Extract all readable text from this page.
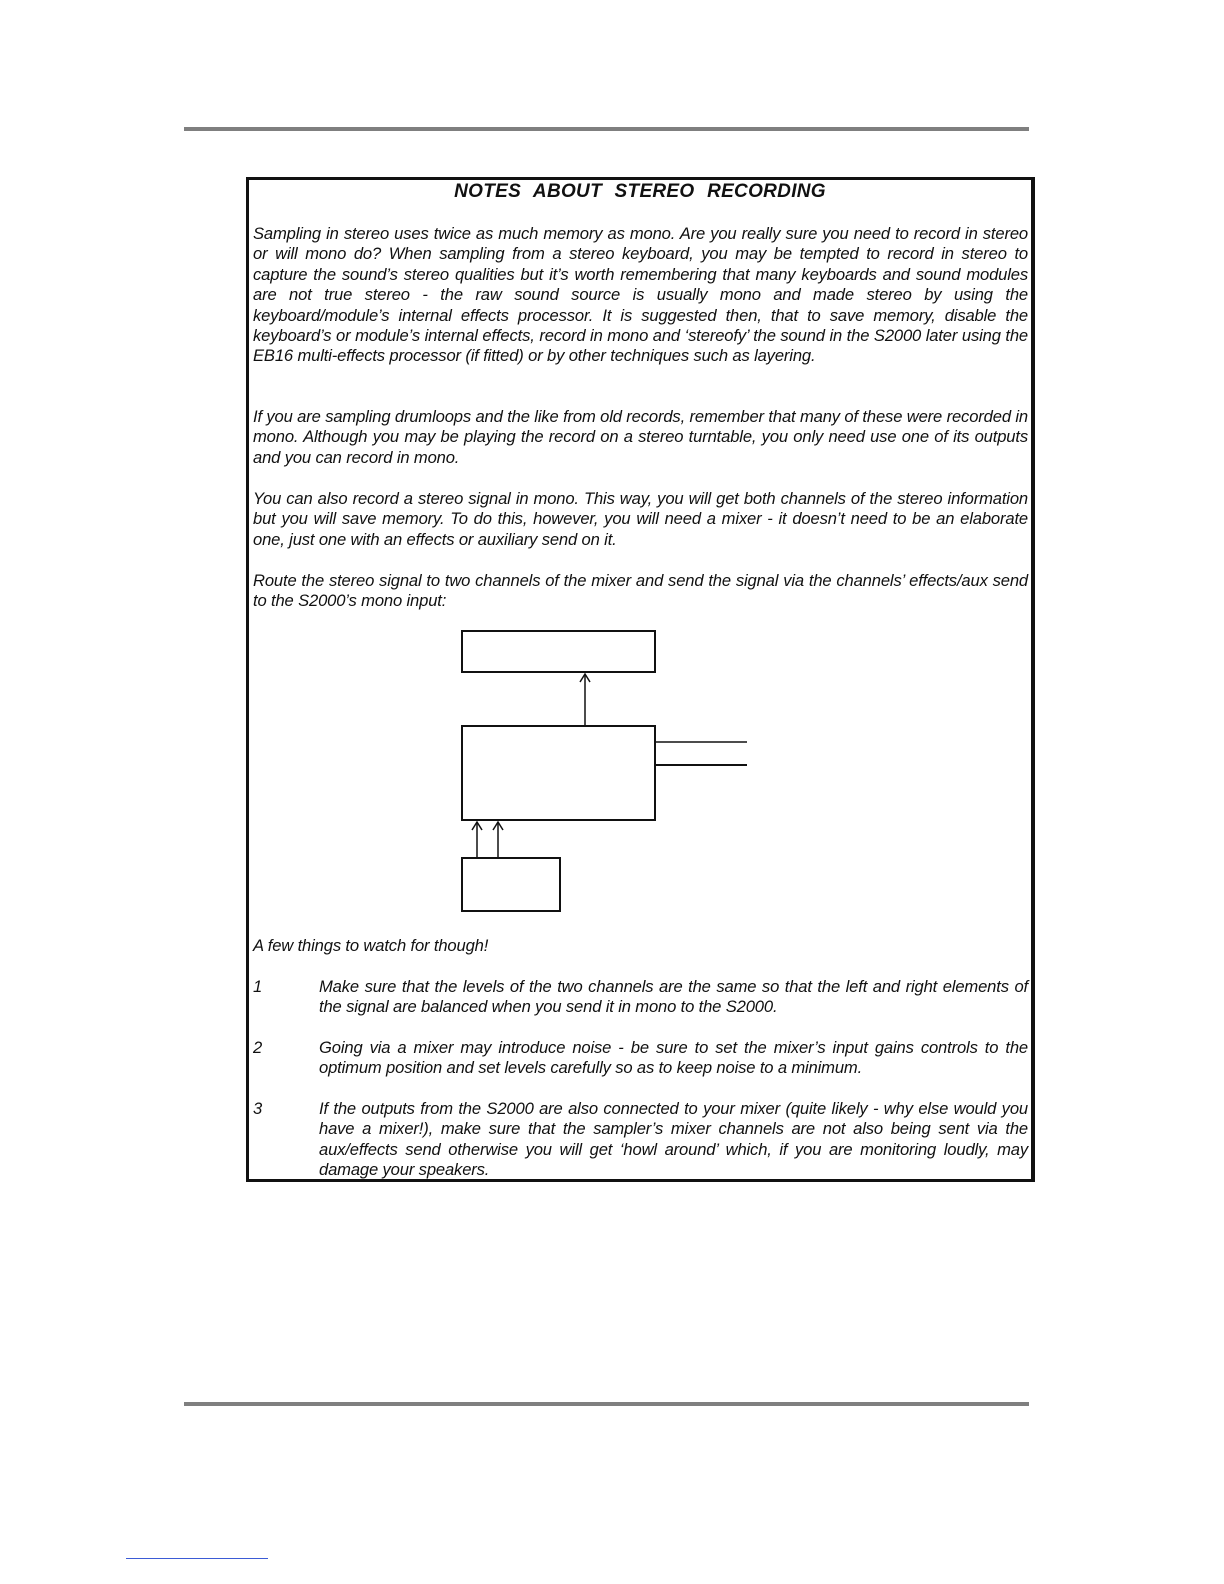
NOTES ABOUT STEREO RECORDING
Sampling in stereo uses twice as much memory as mono. Are you really sure you need to record in stereo or will mono do? When sampling from a stereo keyboard, you may be tempted to record in stereo to capture the sound’s stereo qualities but it’s worth remembering that many keyboards and sound modules are not true stereo - the raw sound source is usually mono and made stereo by using the keyboard/module’s internal effects processor. It is suggested then, that to save memory, disable the keyboard’s or module’s internal effects, record in mono and ‘stereofy’ the sound in the S2000 later using the EB16 multi-effects processor (if fitted) or by other techniques such as layering.
If you are sampling drumloops and the like from old records, remember that many of these were recorded in mono. Although you may be playing the record on a stereo turntable, you only need use one of its outputs and you can record in mono.
You can also record a stereo signal in mono. This way, you will get both channels of the stereo information but you will save memory. To do this, however, you will need a mixer - it doesn’t need to be an elaborate one, just one with an effects or auxiliary send on it.
Route the stereo signal to two channels of the mixer and send the signal via the channels’ effects/aux send to the S2000’s mono input:
A few things to watch for though!
1	Make sure that the levels of the two channels are the same so that the left and right elements of the signal are balanced when you send it in mono to the S2000.
2	Going via a mixer may introduce noise - be sure to set the mixer’s input gains controls to the optimum position and set levels carefully so as to keep noise to a minimum.
3	If the outputs from the S2000 are also connected to your mixer (quite likely - why else would you have a mixer!), make sure that the sampler’s mixer channels are not also being sent via the aux/effects send otherwise you will get ‘howl around’ which, if you are monitoring loudly, may damage your speakers.
